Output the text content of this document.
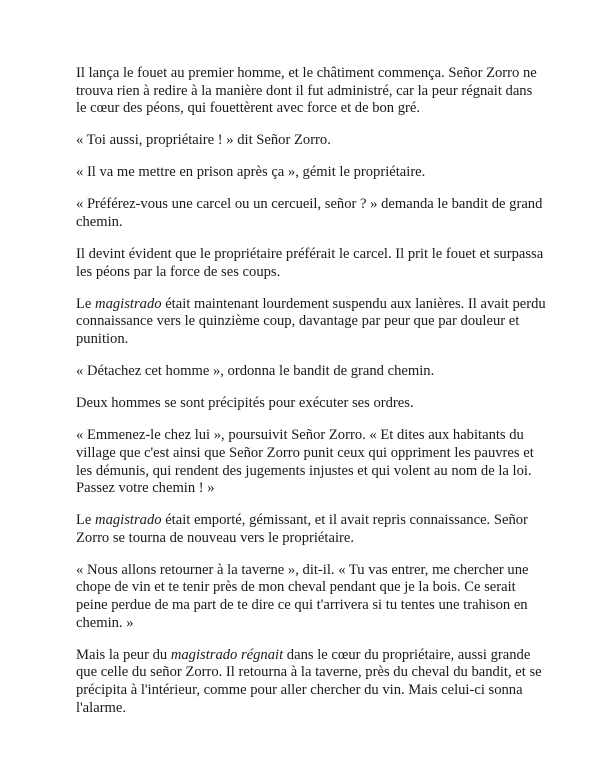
Il lança le fouet au premier homme, et le châtiment commença. Señor Zorro ne trouva rien à redire à la manière dont il fut administré, car la peur régnait dans le cœur des péons, qui fouettèrent avec force et de bon gré.

« Toi aussi, propriétaire ! » dit Señor Zorro.

« Il va me mettre en prison après ça », gémit le propriétaire.

« Préférez-vous une carcel ou un cercueil, señor ? » demanda le bandit de grand chemin.

Il devint évident que le propriétaire préférait le carcel. Il prit le fouet et surpassa les péons par la force de ses coups.

Le magistrado était maintenant lourdement suspendu aux lanières. Il avait perdu connaissance vers le quinzième coup, davantage par peur que par douleur et punition.

« Détachez cet homme », ordonna le bandit de grand chemin.

Deux hommes se sont précipités pour exécuter ses ordres.

« Emmenez-le chez lui », poursuivit Señor Zorro. « Et dites aux habitants du village que c'est ainsi que Señor Zorro punit ceux qui oppriment les pauvres et les démunis, qui rendent des jugements injustes et qui volent au nom de la loi. Passez votre chemin ! »

Le magistrado était emporté, gémissant, et il avait repris connaissance. Señor Zorro se tourna de nouveau vers le propriétaire.

« Nous allons retourner à la taverne », dit-il. « Tu vas entrer, me chercher une chope de vin et te tenir près de mon cheval pendant que je la bois. Ce serait peine perdue de ma part de te dire ce qui t'arrivera si tu tentes une trahison en chemin. »

Mais la peur du magistrado régnait dans le cœur du propriétaire, aussi grande que celle du señor Zorro. Il retourna à la taverne, près du cheval du bandit, et se précipita à l'intérieur, comme pour aller chercher du vin. Mais celui-ci sonna l'alarme.
